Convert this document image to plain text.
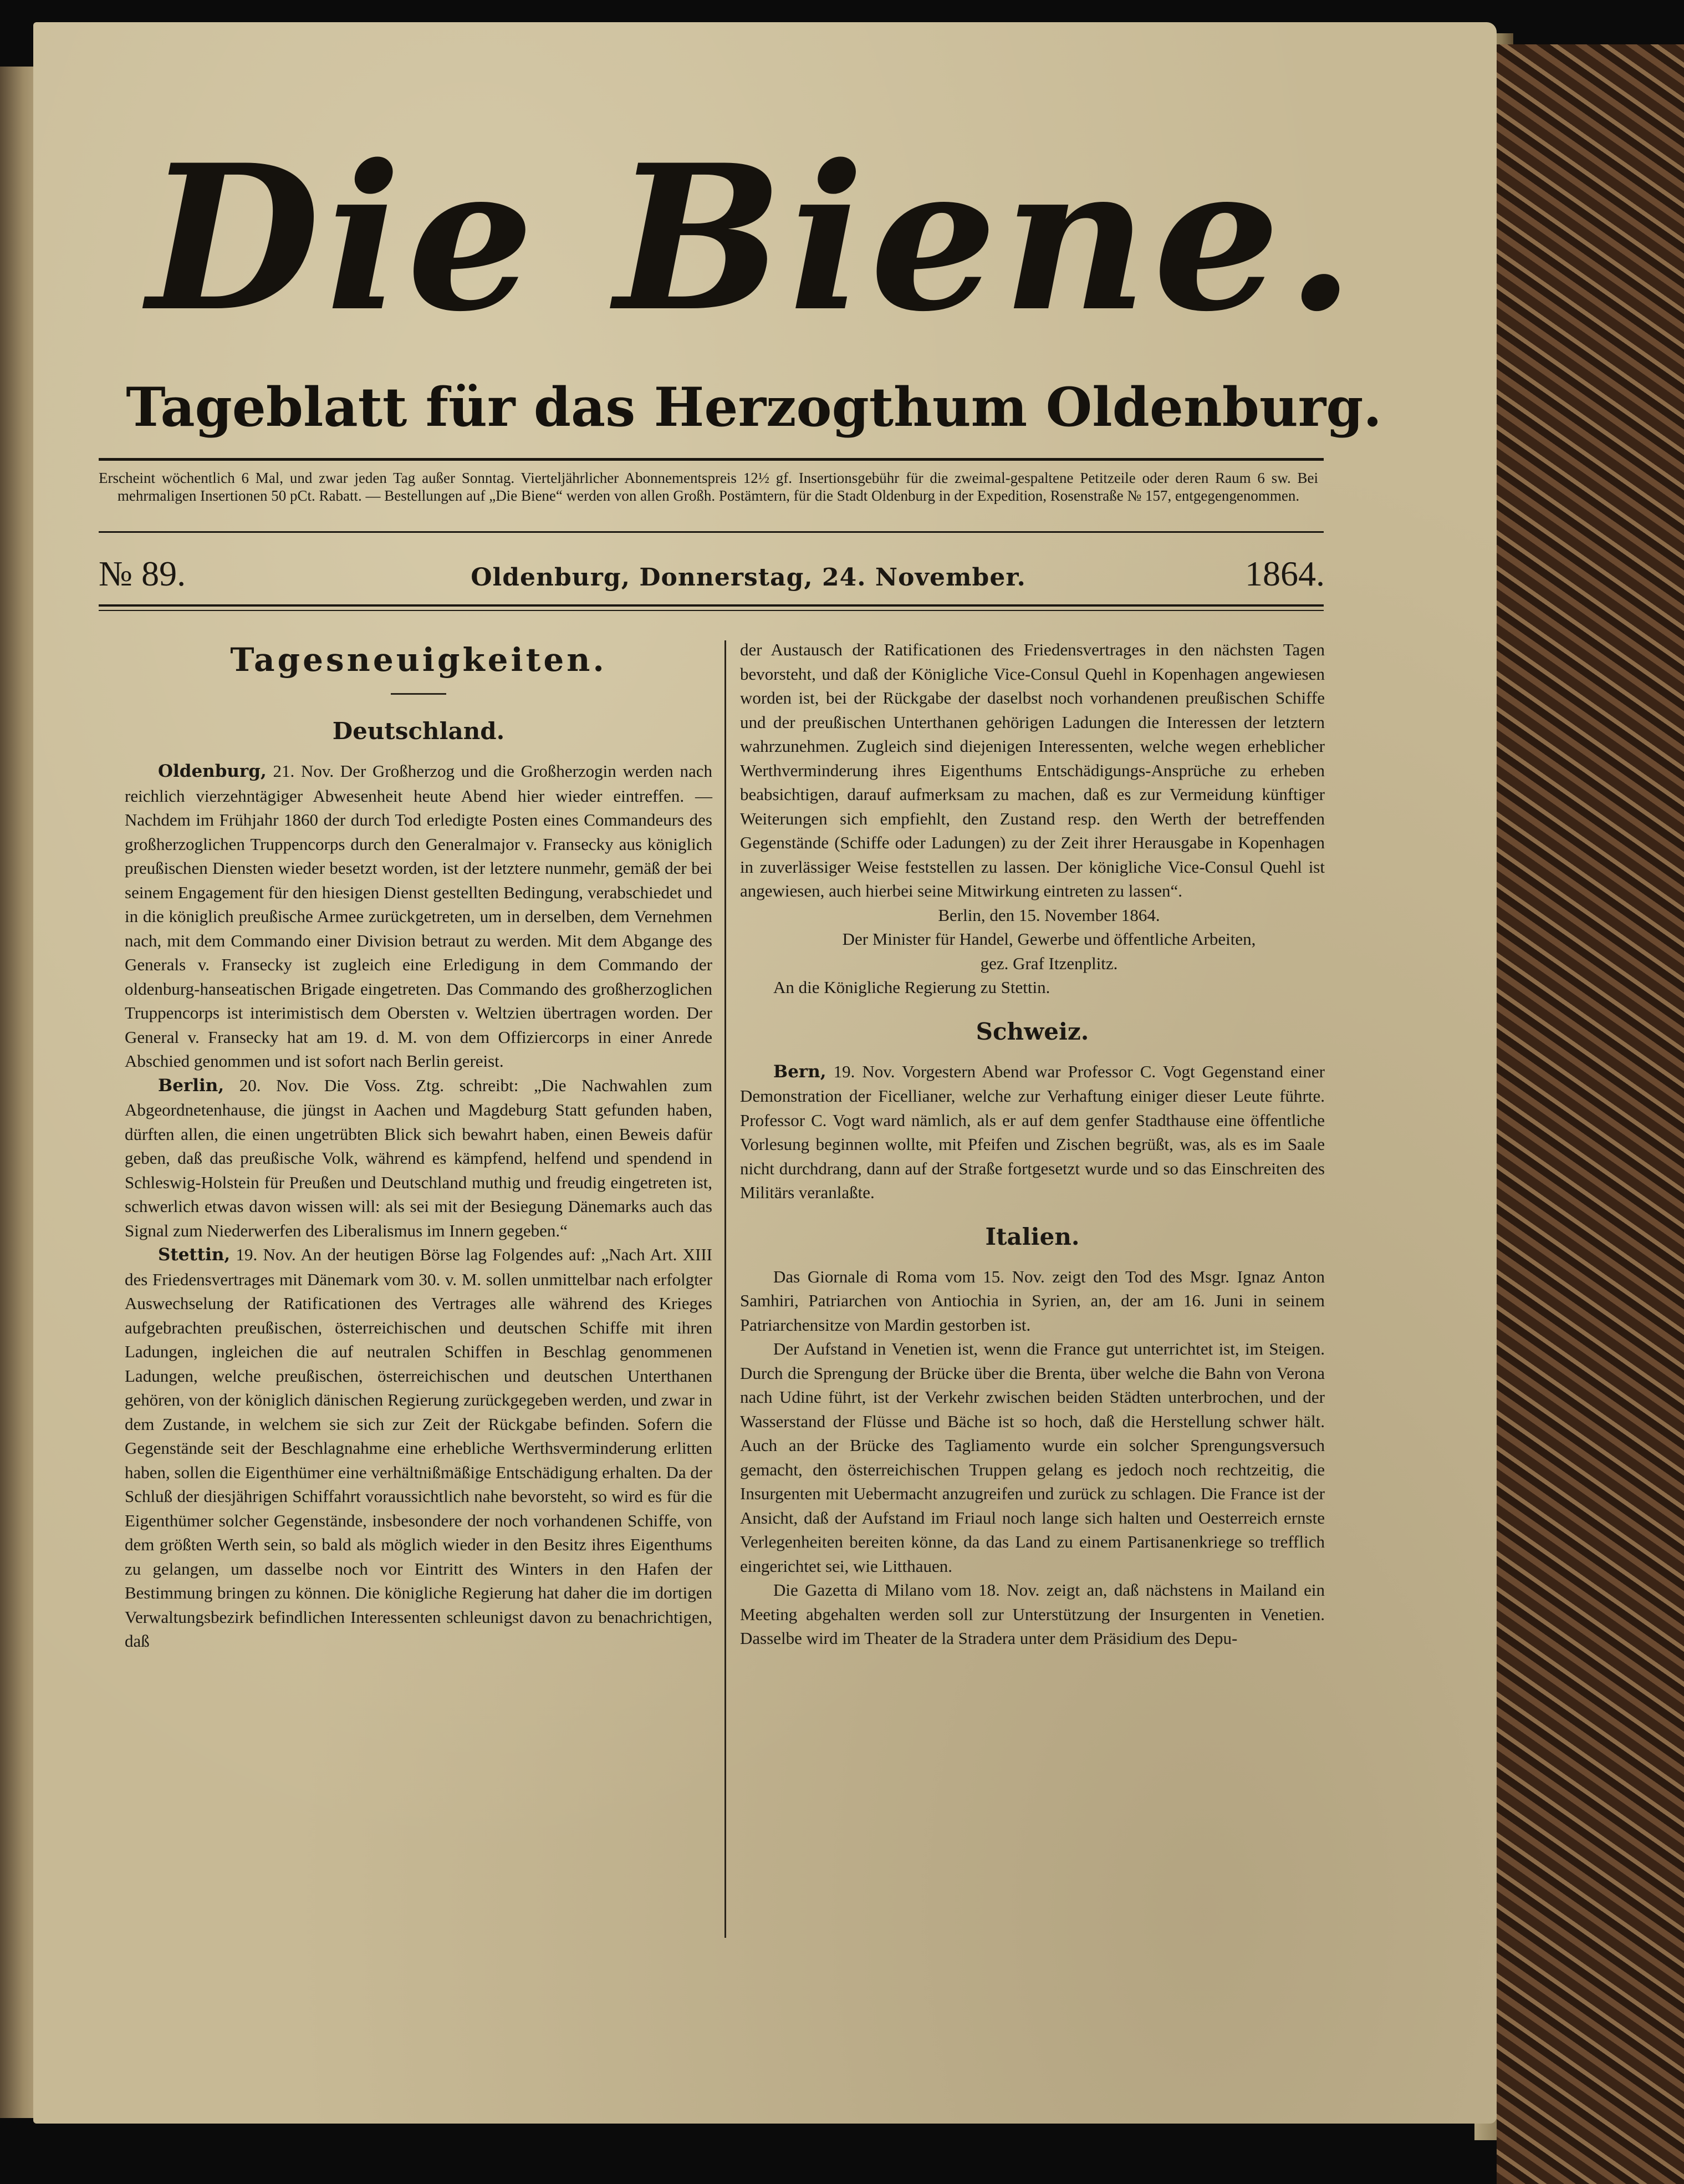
Die Biene.
Tageblatt für das Herzogthum Oldenburg.
Erscheint wöchentlich 6 Mal, und zwar jeden Tag außer Sonntag. Vierteljährlicher Abonnementspreis 12½ gf. Insertionsgebühr für die zweimal-gespaltene Petitzeile oder deren Raum 6 sw. Bei mehrmaligen Insertionen 50 pCt. Rabatt. — Bestellungen auf „Die Biene“ werden von allen Großh. Postämtern, für die Stadt Oldenburg in der Expedition, Rosenstraße № 157, entgegengenommen.
№ 89.	Oldenburg, Donnerstag, 24. November.	1864.
Tagesneuigkeiten.
Deutschland.

Oldenburg, 21. Nov. Der Großherzog und die Großherzogin werden nach reichlich vierzehntägiger Abwesenheit heute Abend hier wieder eintreffen. — Nachdem im Frühjahr 1860 der durch Tod erledigte Posten eines Commandeurs des großherzoglichen Truppencorps durch den Generalmajor v. Franseckу aus königlich preußischen Diensten wieder besetzt worden, ist der letztere nunmehr, gemäß der bei seinem Engagement für den hiesigen Dienst gestellten Bedingung, verabschiedet und in die königlich preußische Armee zurückgetreten, um in derselben, dem Vernehmen nach, mit dem Commando einer Division betraut zu werden. Mit dem Abgange des Generals v. Fransecky ist zugleich eine Erledigung in dem Commando der oldenburg-hanseatischen Brigade eingetreten. Das Commando des großherzoglichen Truppencorps ist interimistisch dem Obersten v. Weltzien übertragen worden. Der General v. Fransecky hat am 19. d. M. von dem Offiziercorps in einer Anrede Abschied genommen und ist sofort nach Berlin gereist.

Berlin, 20. Nov. Die Voss. Ztg. schreibt: „Die Nachwahlen zum Abgeordnetenhause, die jüngst in Aachen und Magdeburg Statt gefunden haben, dürften allen, die einen ungetrübten Blick sich bewahrt haben, einen Beweis dafür geben, daß das preußische Volk, während es kämpfend, helfend und spendend in Schleswig-Holstein für Preußen und Deutschland muthig und freudig eingetreten ist, schwerlich etwas davon wissen will: als sei mit der Besiegung Dänemarks auch das Signal zum Niederwerfen des Liberalismus im Innern gegeben.“

Stettin, 19. Nov. An der heutigen Börse lag Folgendes auf: „Nach Art. XIII des Friedensvertrages mit Dänemark vom 30. v. M. sollen unmittelbar nach erfolgter Auswechselung der Ratificationen des Vertrages alle während des Krieges aufgebrachten preußischen, österreichischen und deutschen Schiffe mit ihren Ladungen, ingleichen die auf neutralen Schiffen in Beschlag genommenen Ladungen, welche preußischen, österreichischen und deutschen Unterthanen gehören, von der königlich dänischen Regierung zurückgegeben werden, und zwar in dem Zustande, in welchem sie sich zur Zeit der Rückgabe befinden. Sofern die Gegenstände seit der Beschlagnahme eine erhebliche Werthsverminderung erlitten haben, sollen die Eigenthümer eine verhältnißmäßige Entschädigung erhalten. Da der Schluß der diesjährigen Schiffahrt voraussichtlich nahe bevorsteht, so wird es für die Eigenthümer solcher Gegenstände, insbesondere der noch vorhandenen Schiffe, von dem größten Werth sein, so bald als möglich wieder in den Besitz ihres Eigenthums zu gelangen, um dasselbe noch vor Eintritt des Winters in den Hafen der Bestimmung bringen zu können. Die königliche Regierung hat daher die im dortigen Verwaltungsbezirk befindlichen Interessenten schleunigst davon zu benachrichtigen, daß

der Austausch der Ratificationen des Friedensvertrages in den nächsten Tagen bevorsteht, und daß der Königliche Vice-Consul Quehl in Kopenhagen angewiesen worden ist, bei der Rückgabe der daselbst noch vorhandenen preußischen Schiffe und der preußischen Unterthanen gehörigen Ladungen die Interessen der letztern wahrzunehmen. Zugleich sind diejenigen Interessenten, welche wegen erheblicher Werthverminderung ihres Eigenthums Entschädigungs-Ansprüche zu erheben beabsichtigen, darauf aufmerksam zu machen, daß es zur Vermeidung künftiger Weiterungen sich empfiehlt, den Zustand resp. den Werth der betreffenden Gegenstände (Schiffe oder Ladungen) zu der Zeit ihrer Herausgabe in Kopenhagen in zuverlässiger Weise feststellen zu lassen. Der königliche Vice-Consul Quehl ist angewiesen, auch hierbei seine Mitwirkung eintreten zu lassen“.

Berlin, den 15. November 1864.

Der Minister für Handel, Gewerbe und öffentliche Arbeiten,

gez. Graf Itzenplitz.

An die Königliche Regierung zu Stettin.

Schweiz.

Bern, 19. Nov. Vorgestern Abend war Professor C. Vogt Gegenstand einer Demonstration der Ficellianer, welche zur Verhaftung einiger dieser Leute führte. Professor C. Vogt ward nämlich, als er auf dem genfer Stadthause eine öffentliche Vorlesung beginnen wollte, mit Pfeifen und Zischen begrüßt, was, als es im Saale nicht durchdrang, dann auf der Straße fortgesetzt wurde und so das Einschreiten des Militärs veranlaßte.

Italien.

Das Giornale di Roma vom 15. Nov. zeigt den Tod des Msgr. Ignaz Anton Samhiri, Patriarchen von Antiochia in Syrien, an, der am 16. Juni in seinem Patriarchensitze von Mardin gestorben ist.

Der Aufstand in Venetien ist, wenn die France gut unterrichtet ist, im Steigen. Durch die Sprengung der Brücke über die Brenta, über welche die Bahn von Verona nach Udine führt, ist der Verkehr zwischen beiden Städten unterbrochen, und der Wasserstand der Flüsse und Bäche ist so hoch, daß die Herstellung schwer hält. Auch an der Brücke des Tagliamento wurde ein solcher Sprengungsversuch gemacht, den österreichischen Truppen gelang es jedoch noch rechtzeitig, die Insurgenten mit Uebermacht anzugreifen und zurück zu schlagen. Die France ist der Ansicht, daß der Aufstand im Friaul noch lange sich halten und Oesterreich ernste Verlegenheiten bereiten könne, da das Land zu einem Partisanenkriege so trefflich eingerichtet sei, wie Litthauen.

Die Gazetta di Milano vom 18. Nov. zeigt an, daß nächstens in Mailand ein Meeting abgehalten werden soll zur Unterstützung der Insurgenten in Venetien. Dasselbe wird im Theater de la Stradera unter dem Präsidium des Depu-
